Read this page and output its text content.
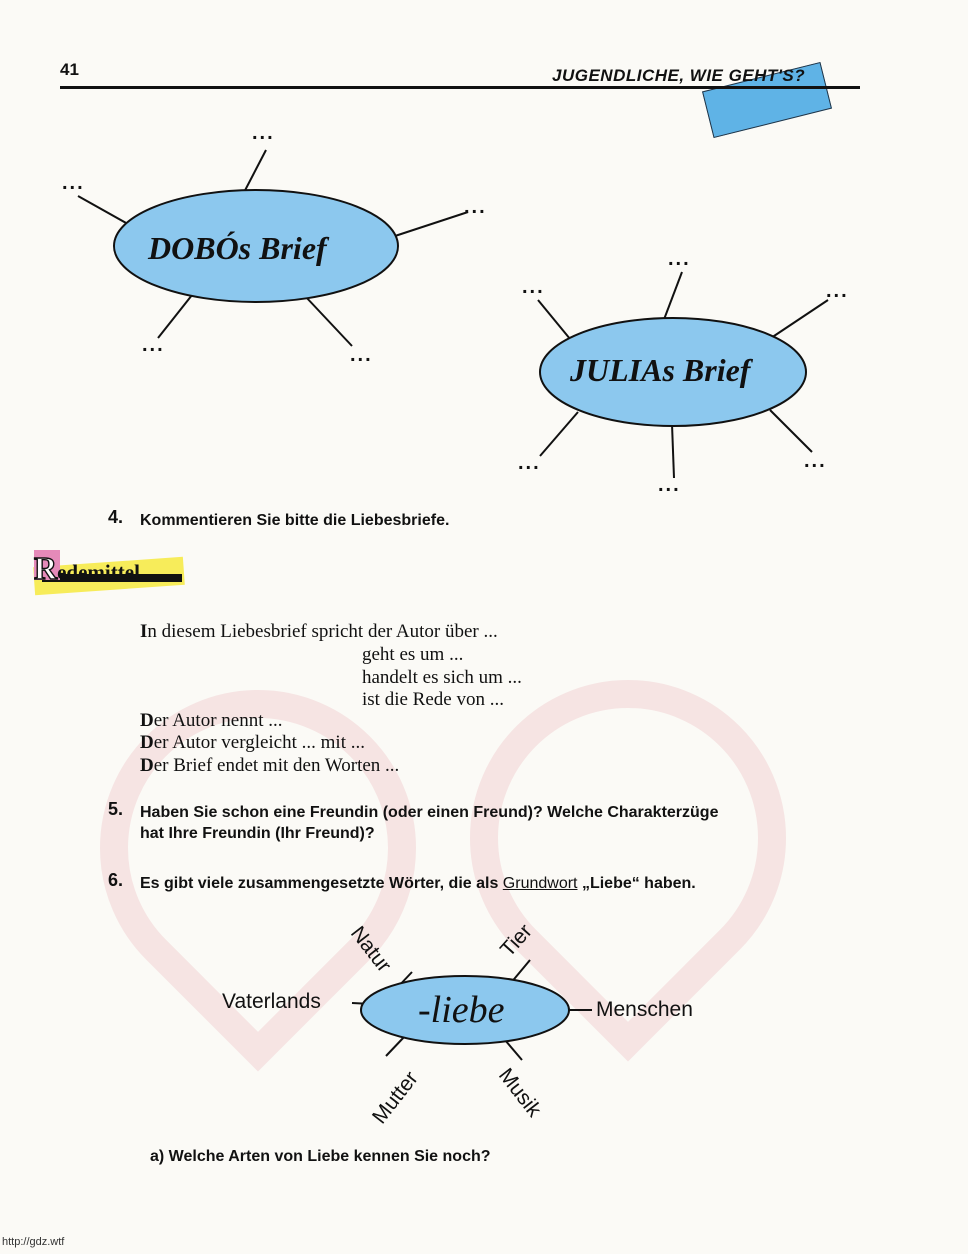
41	JUGENDLICHE, WIE GEHT'S?
DOBÓs Brief
JULIAs Brief
...
...
...
...	...
...
...
...
...
...
...
4. Kommentieren Sie bitte die Liebesbriefe.
Redemittel
In diesem Liebesbrief spricht der Autor über ...
geht es um ...
handelt es sich um ...
ist die Rede von ...
Der Autor nennt ...
Der Autor vergleicht ... mit ...
Der Brief endet mit den Worten ...
5. Haben Sie schon eine Freundin (oder einen Freund)? Welche Charakterzüge
hat Ihre Freundin (Ihr Freund)?
6. Es gibt viele zusammengesetzte Wörter, die als Grundwort „Liebe“ haben.
-liebe
Natur	Tier
Vaterlands	Menschen
Mutter	Musik
a) Welche Arten von Liebe kennen Sie noch?
http://gdz.wtf
